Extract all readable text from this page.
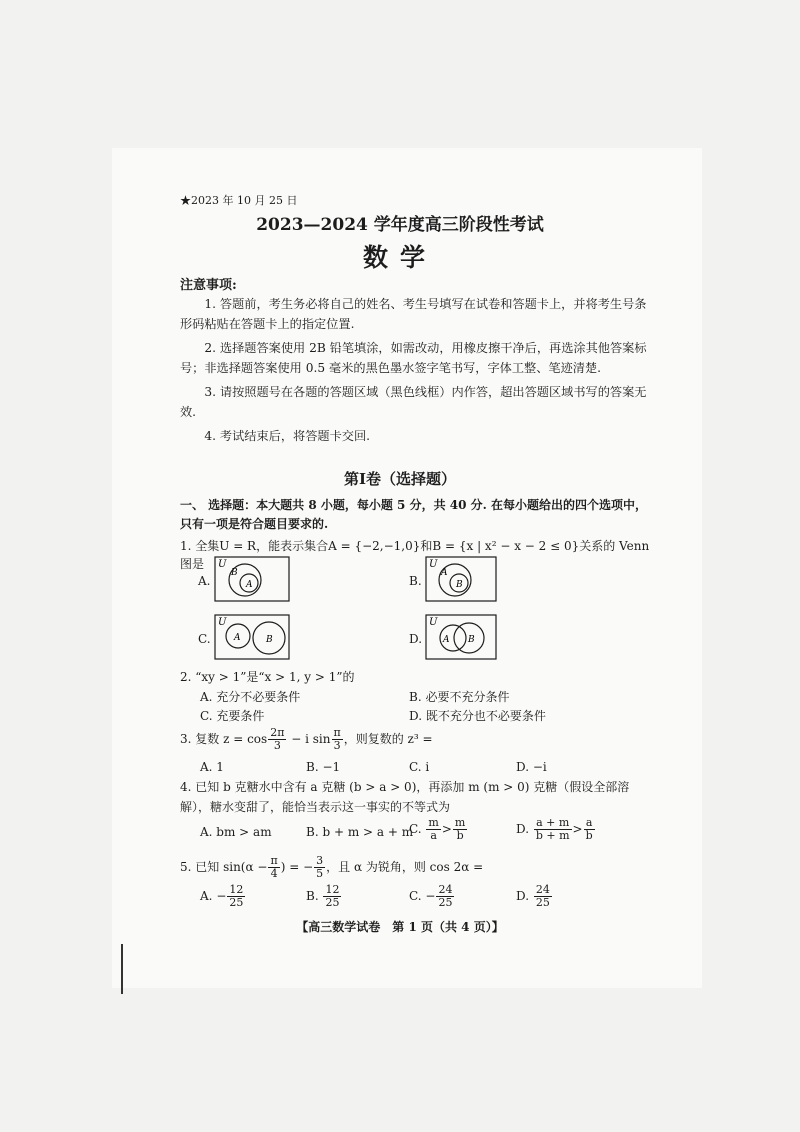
★2023 年 10 月 25 日
2023—2024 学年度高三阶段性考试
数学
注意事项:
1. 答题前，考生务必将自己的姓名、考生号填写在试卷和答题卡上，并将考生号条形码粘贴在答题卡上的指定位置.
2. 选择题答案使用 2B 铅笔填涂，如需改动，用橡皮擦干净后，再选涂其他答案标号；非选择题答案使用 0.5 毫米的黑色墨水签字笔书写，字体工整、笔迹清楚.
3. 请按照题号在各题的答题区域（黑色线框）内作答，超出答题区域书写的答案无效.
4. 考试结束后，将答题卡交回.
第Ⅰ卷（选择题）
一、 选择题：本大题共 8 小题，每小题 5 分，共 40 分. 在每小题给出的四个选项中，只有一项是符合题目要求的.
1. 全集U = R，能表示集合A = {−2,−1,0}和B = {x | x² − x − 2 ≤ 0}关系的 Venn 图是
A.
U
B
A	B.
U
A
B
C.
U
A	B	D.
U
A B
2. “xy > 1”是“x > 1, y > 1”的
A. 充分不必要条件	B. 必要不充分条件
C. 充要条件	D. 既不充分也不必要条件
3. 复数 $z = \cos \frac{2\pi}{3} - i$ $\sin \frac{\pi}{3}$ ，则复数的 z³ =
A. 1	B. −1	C. i	D. −i
4. 已知 b 克糖水中含有 a 克糖 (b > a > 0)，再添加 m (m > 0) 克糖（假设全部溶解），糖水变甜了，能恰当表示这一事实的不等式为
A. bm > am	B. b + m > a + m
C. $\frac{m}{a} > \frac{m}{b}$	D. $\frac{a + m}{b + m} > \frac{a}{b}$
5. 已知 $\sin(\alpha - \frac{\pi}{4}$ ) = − $\frac{3}{5}$ ，且 α 为锐角，则 cos 2α =
A. − $\frac{12}{25}$	B. $\frac{12}{25}$	C. − $\frac{24}{25}$	D. $\frac{24}{25}$
【高三数学试卷　第 1 页（共 4 页）】
